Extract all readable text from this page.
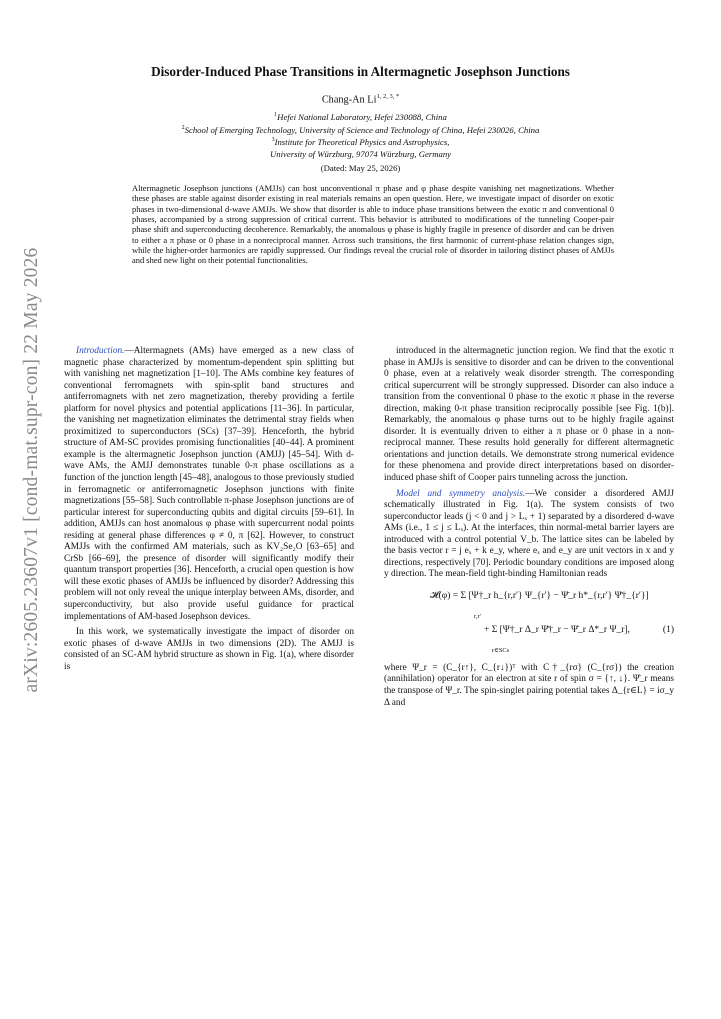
arXiv:2605.23607v1 [cond-mat.supr-con] 22 May 2026
Disorder-Induced Phase Transitions in Altermagnetic Josephson Junctions
Chang-An $Li^{1, 2, 3, *}$
$^1$Hefei National Laboratory, Hefei 230088, China
$^2$School of Emerging Technology, University of Science and Technology of China, Hefei 230026, China
$^3$Institute for Theoretical Physics and Astrophysics,
University of Würzburg, 97074 Würzburg, Germany
(Dated: May 25, 2026)
Altermagnetic Josephson junctions (AMJJs) can host unconventional π phase and φ phase despite vanishing net magnetizations. Whether these phases are stable against disorder existing in real materials remains an open question. Here, we investigate impact of disorder on exotic phases in two-dimensional d-wave AMJJs. We show that disorder is able to induce phase transitions between the exotic π and conventional 0 phases, accompanied by a strong suppression of critical current. This behavior is attributed to modifications of the tunneling Cooper-pair phase shift and superconducting decoherence. Remarkably, the anomalous φ phase is highly fragile in presence of disorder and can be driven to either a π phase or 0 phase in a nonreciprocal manner. Across such transitions, the first harmonic of current-phase relation changes sign, while the higher-order harmonics are rapidly suppressed. Our findings reveal the crucial role of disorder in tailoring distinct phases of AMJJs and shed new light on their potential functionalities.

Introduction.—Altermagnets (AMs) have emerged as a new class of magnetic phase characterized by momentum-dependent spin splitting but with vanishing net magnetization [1–10]. The AMs combine key features of conventional ferromagnets with spin-split band structures and antiferromagnets with net zero magnetization, thereby providing a fertile platform for novel physics and potential applications [11–36]. In particular, the vanishing net magnetization eliminates the detrimental stray fields when proximitized to superconductors (SCs) [37–39]. Henceforth, the hybrid structure of AM-SC provides promising functionalities [40–44]. A prominent example is the altermagnetic Josephson junction (AMJJ) [45–54]. With d-wave AMs, the AMJJ demonstrates tunable 0-π phase oscillations as a function of the junction length [45–48], analogous to those previously studied in ferromagnetic or antiferromagnetic Josephson junctions with finite magnetizations [55–58]. Such controllable π-phase Josephson junctions are of particular interest for superconducting qubits and digital circuits [59–61]. In addition, AMJJs can host anomalous φ phase with supercurrent nodal points residing at general phase differences φ ≠ 0, π [62]. However, to construct AMJJs with the confirmed AM materials, such as KV₂Se₂O [63–65] and CrSb [66–69], the presence of disorder will significantly modify their quantum transport properties [36]. Henceforth, a crucial open question is how will these exotic phases of AMJJs be influenced by disorder? Addressing this problem will not only reveal the unique interplay between AMs, disorder, and superconductivity, but also provide useful guidance for practical implementations of AM-based Josephson devices.

In this work, we systematically investigate the impact of disorder on exotic phases of d-wave AMJJs in two dimensions (2D). The AMJJ is consisted of an SC-AM hybrid structure as shown in Fig. 1(a), where disorder is

introduced in the altermagnetic junction region. We find that the exotic π phase in AMJJs is sensitive to disorder and can be driven to the conventional 0 phase, even at a relatively weak disorder strength. The corresponding critical supercurrent will be strongly suppressed. Disorder can also induce a transition from the conventional 0 phase to the exotic π phase in the reverse direction, making 0-π phase transition reciprocally possible [see Fig. 1(b)]. Remarkably, the anomalous φ phase turns out to be highly fragile against disorder. It is eventually driven to either a π phase or 0 phase in a non-reciprocal manner. These results hold generally for different altermagnetic orientations and junction details. We demonstrate strong numerical evidence for these phenomena and provide direct interpretations based on disorder-induced phase shift of Cooper pairs tunneling across the junction.

Model and symmetry analysis.—We consider a disordered AMJJ schematically illustrated in Fig. 1(a). The system consists of two superconductor leads (j < 0 and j > Lₓ + 1) separated by a disordered d-wave AMs (i.e., 1 ≤ j ≤ Lₓ). At the interfaces, thin normal-metal barrier layers are introduced with a control potential V_b. The lattice sites can be labeled by the basis vector r = j eₓ + k e_y, where eₓ and e_y are unit vectors in x and y directions, respectively [70]. Periodic boundary conditions are imposed along y direction. The mean-field tight-binding Hamiltonian reads

𝓗(φ) = Σ [Ψ†_r h_{r,r′} Ψ_{r′} − Ψ̄_r h*_{r,r′} Ψ̄†_{r′}]
$_{r,r'}$
+ Σ [Ψ†_r Δ_r Ψ̄†_r − Ψ̄_r Δ*_r Ψ_r],
$_{r\in SCs}$
(1)

where Ψ_r = (C_{r↑}, C_{r↓})ᵀ with C†_{rσ} (C_{rσ}) the creation (annihilation) operator for an electron at site r of spin σ = {↑, ↓}. Ψ̄_r means the transpose of Ψ_r. The spin-singlet pairing potential takes Δ_{r∈L} = iσ_y Δ and
